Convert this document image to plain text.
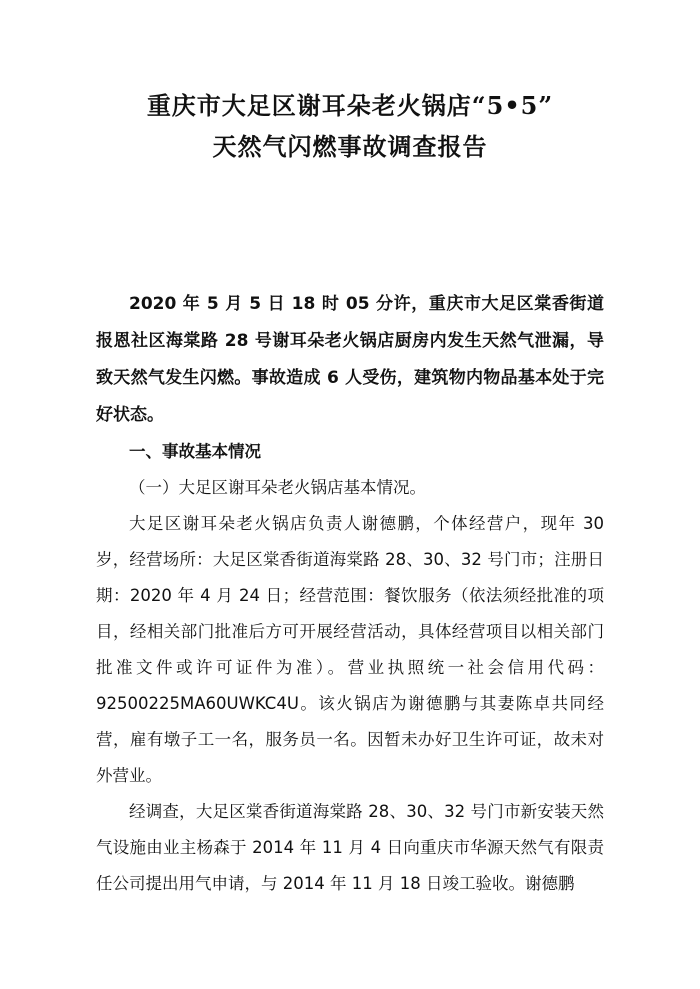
重庆市大足区谢耳朵老火锅店“5•5”
天然气闪燃事故调查报告

2020 年 5 月 5 日 18 时 05 分许，重庆市大足区棠香街道报恩社区海棠路 28 号谢耳朵老火锅店厨房内发生天然气泄漏，导致天然气发生闪燃。事故造成 6 人受伤，建筑物内物品基本处于完好状态。

一、事故基本情况

（一）大足区谢耳朵老火锅店基本情况。

大足区谢耳朵老火锅店负责人谢德鹏，个体经营户，现年 30 岁，经营场所：大足区棠香街道海棠路 28、30、32 号门市；注册日期：2020 年 4 月 24 日；经营范围：餐饮服务（依法须经批准的项目，经相关部门批准后方可开展经营活动，具体经营项目以相关部门批准文件或许可证件为准）。营业执照统一社会信用代码：92500225MA60UWKC4U。该火锅店为谢德鹏与其妻陈卓共同经营，雇有墩子工一名，服务员一名。因暂未办好卫生许可证，故未对外营业。

经调查，大足区棠香街道海棠路 28、30、32 号门市新安装天然气设施由业主杨森于 2014 年 11 月 4 日向重庆市华源天然气有限责任公司提出用气申请，与 2014 年 11 月 18 日竣工验收。谢德鹏
